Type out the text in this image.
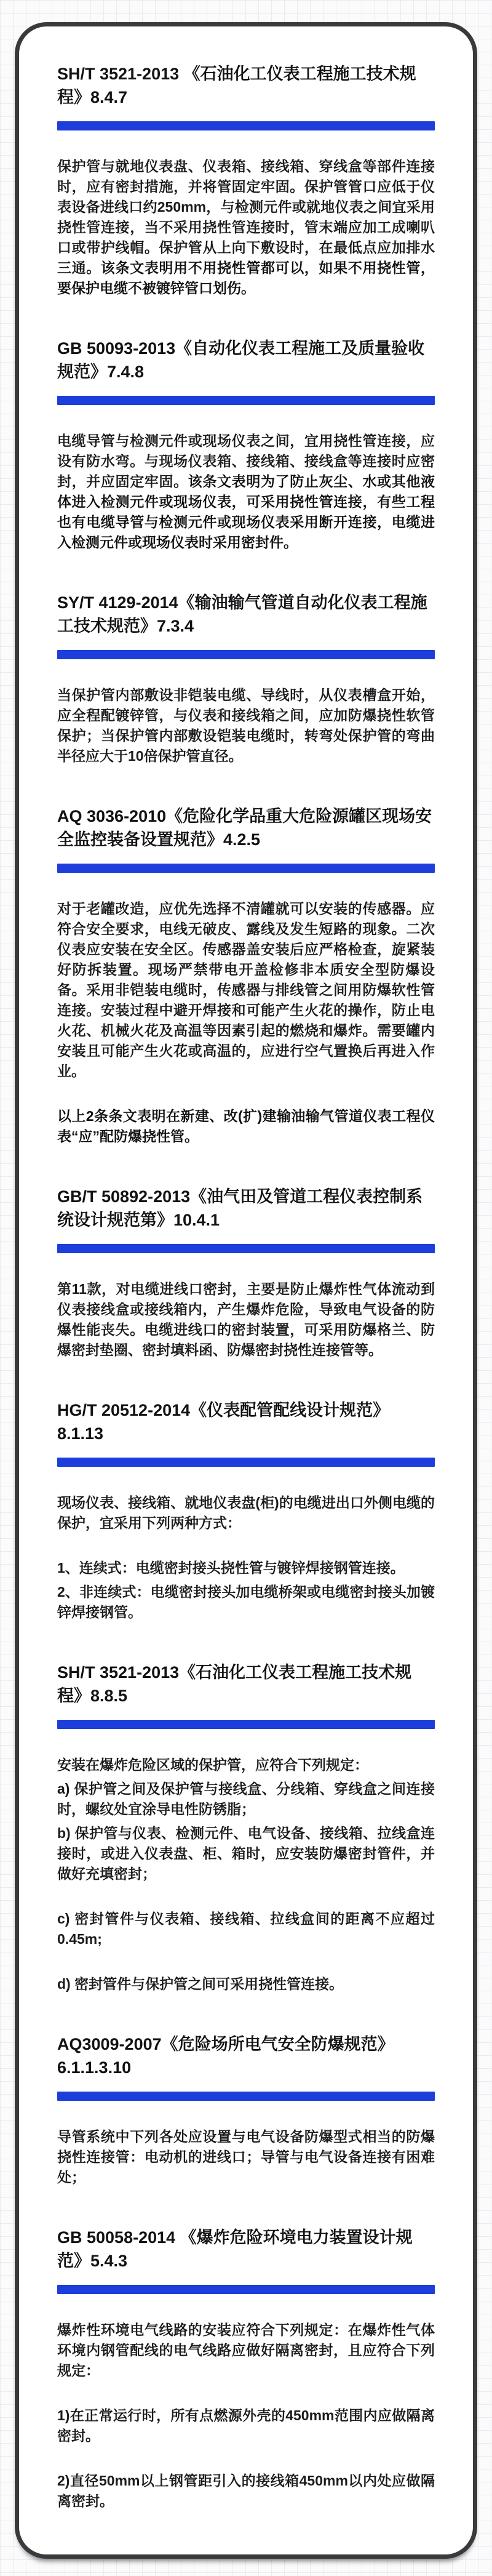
SH/T 3521-2013 《石油化工仪表工程施工技术规程》8.4.7

保护管与就地仪表盘、仪表箱、接线箱、穿线盒等部件连接时，应有密封措施，并将管固定牢固。保护管管口应低于仪表设备进线口约250mm，与检测元件或就地仪表之间宜采用挠性管连接，当不采用挠性管连接时，管末端应加工成喇叭口或带护线帽。保护管从上向下敷设时，在最低点应加排水三通。该条文表明用不用挠性管都可以，如果不用挠性管，要保护电缆不被镀锌管口划伤。

GB 50093-2013《自动化仪表工程施工及质量验收规范》7.4.8

电缆导管与检测元件或现场仪表之间，宜用挠性管连接，应设有防水弯。与现场仪表箱、接线箱、接线盒等连接时应密封，并应固定牢固。该条文表明为了防止灰尘、水或其他液体进入检测元件或现场仪表，可采用挠性管连接，有些工程也有电缆导管与检测元件或现场仪表采用断开连接，电缆进入检测元件或现场仪表时采用密封件。

SY/T 4129-2014《输油输气管道自动化仪表工程施工技术规范》7.3.4

当保护管内部敷设非铠装电缆、导线时，从仪表槽盒开始，应全程配镀锌管，与仪表和接线箱之间，应加防爆挠性软管保护；当保护管内部敷设铠装电缆时，转弯处保护管的弯曲半径应大于10倍保护管直径。

AQ 3036-2010《危险化学品重大危险源罐区现场安全监控装备设置规范》4.2.5

对于老罐改造，应优先选择不清罐就可以安装的传感器。应符合安全要求，电线无破皮、露线及发生短路的现象。二次仪表应安装在安全区。传感器盖安装后应严格检查，旋紧装好防拆装置。现场严禁带电开盖检修非本质安全型防爆设备。采用非铠装电缆时，传感器与排线管之间用防爆软性管连接。安装过程中避开焊接和可能产生火花的操作，防止电火花、机械火花及高温等因素引起的燃烧和爆炸。需要罐内安装且可能产生火花或高温的，应进行空气置换后再进入作业。

以上2条条文表明在新建、改(扩)建输油输气管道仪表工程仪表“应”配防爆挠性管。

GB/T 50892-2013《油气田及管道工程仪表控制系统设计规范第》10.4.1

第11款，对电缆进线口密封，主要是防止爆炸性气体流动到仪表接线盒或接线箱内，产生爆炸危险，导致电气设备的防爆性能丧失。电缆进线口的密封装置，可采用防爆格兰、防爆密封垫圈、密封填料函、防爆密封挠性连接管等。

HG/T 20512-2014《仪表配管配线设计规范》8.1.13

现场仪表、接线箱、就地仪表盘(柜)的电缆进出口外侧电缆的保护，宜采用下列两种方式：

1、连续式：电缆密封接头挠性管与镀锌焊接钢管连接。

2、非连续式：电缆密封接头加电缆桥架或电缆密封接头加镀锌焊接钢管。

SH/T 3521-2013《石油化工仪表工程施工技术规程》8.8.5

安装在爆炸危险区域的保护管，应符合下列规定：

a) 保护管之间及保护管与接线盒、分线箱、穿线盒之间连接时，螺纹处宜涂导电性防锈脂；

b) 保护管与仪表、检测元件、电气设备、接线箱、拉线盒连接时，或进入仪表盘、柜、箱时，应安装防爆密封管件，并做好充填密封；

c) 密封管件与仪表箱、接线箱、拉线盒间的距离不应超过0.45m;

d) 密封管件与保护管之间可采用挠性管连接。

AQ3009-2007《危险场所电气安全防爆规范》6.1.1.3.10

导管系统中下列各处应设置与电气设备防爆型式相当的防爆挠性连接管：电动机的进线口；导管与电气设备连接有困难处；

GB 50058-2014 《爆炸危险环境电力装置设计规范》5.4.3

爆炸性环境电气线路的安装应符合下列规定：在爆炸性气体环境内钢管配线的电气线路应做好隔离密封，且应符合下列规定：

1)在正常运行时，所有点燃源外壳的450mm范围内应做隔离密封。

2)直径50mm以上钢管距引入的接线箱450mm以内处应做隔离密封。
